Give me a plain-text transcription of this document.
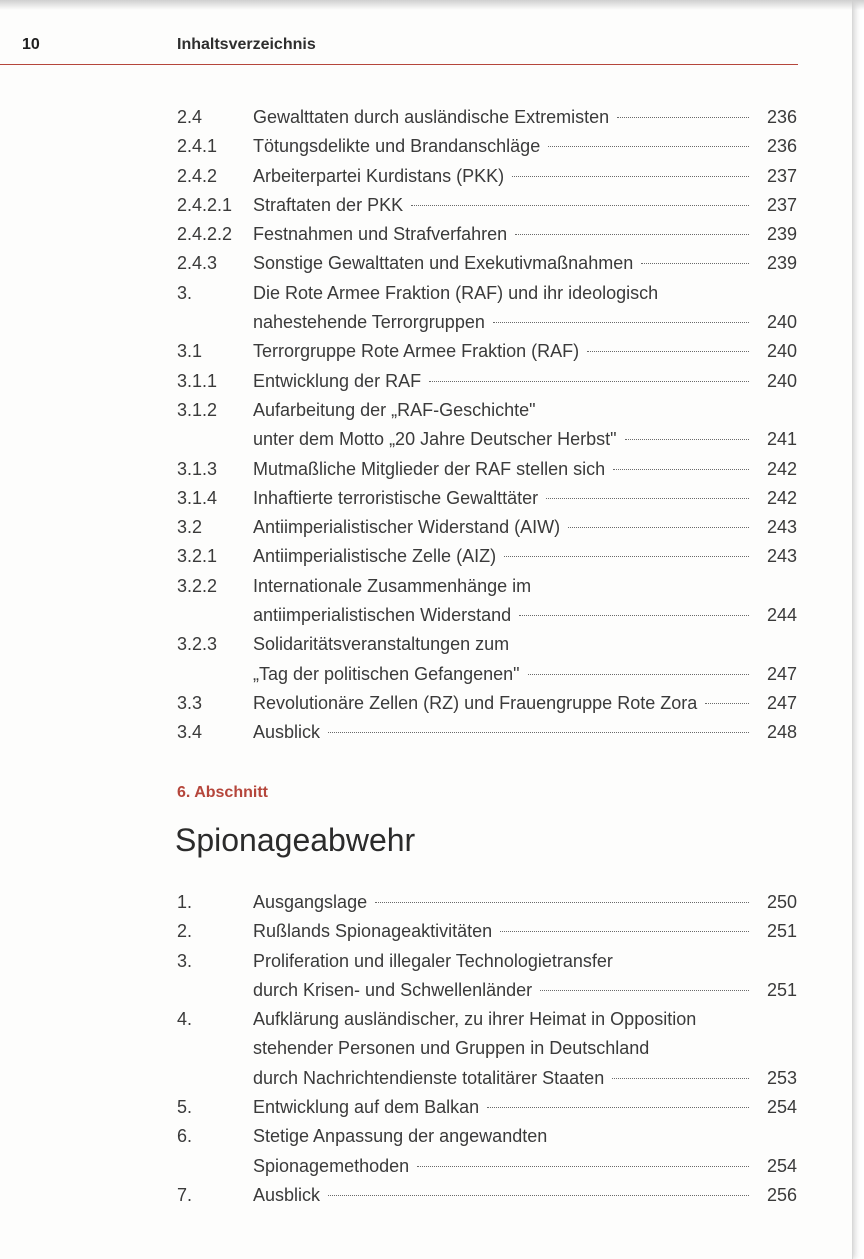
10	Inhaltsverzeichnis
2.4	Gewalttaten durch ausländische Extremisten	236
2.4.1	Tötungsdelikte und Brandanschläge	236
2.4.2	Arbeiterpartei Kurdistans (PKK)	237
2.4.2.1	Straftaten der PKK	237
2.4.2.2	Festnahmen und Strafverfahren	239
2.4.3	Sonstige Gewalttaten und Exekutivmaßnahmen	239
3.	Die Rote Armee Fraktion (RAF) und ihr ideologisch
nahestehende Terrorgruppen	240
3.1	Terrorgruppe Rote Armee Fraktion (RAF)	240
3.1.1	Entwicklung der RAF	240
3.1.2	Aufarbeitung der „RAF-Geschichte"
unter dem Motto „20 Jahre Deutscher Herbst"	241
3.1.3	Mutmaßliche Mitglieder der RAF stellen sich	242
3.1.4	Inhaftierte terroristische Gewalttäter	242
3.2	Antiimperialistischer Widerstand (AIW)	243
3.2.1	Antiimperialistische Zelle (AIZ)	243
3.2.2	Internationale Zusammenhänge im
antiimperialistischen Widerstand	244
3.2.3	Solidaritätsveranstaltungen zum
„Tag der politischen Gefangenen"	247
3.3	Revolutionäre Zellen (RZ) und Frauengruppe Rote Zora	247
3.4	Ausblick	248
6. Abschnitt
Spionageabwehr
1.	Ausgangslage	250
2.	Rußlands Spionageaktivitäten	251
3.	Proliferation und illegaler Technologietransfer
durch Krisen- und Schwellenländer	251
4.	Aufklärung ausländischer, zu ihrer Heimat in Opposition
stehender Personen und Gruppen in Deutschland
durch Nachrichtendienste totalitärer Staaten	253
5.	Entwicklung auf dem Balkan	254
6.	Stetige Anpassung der angewandten
Spionagemethoden	254
7.	Ausblick	256
